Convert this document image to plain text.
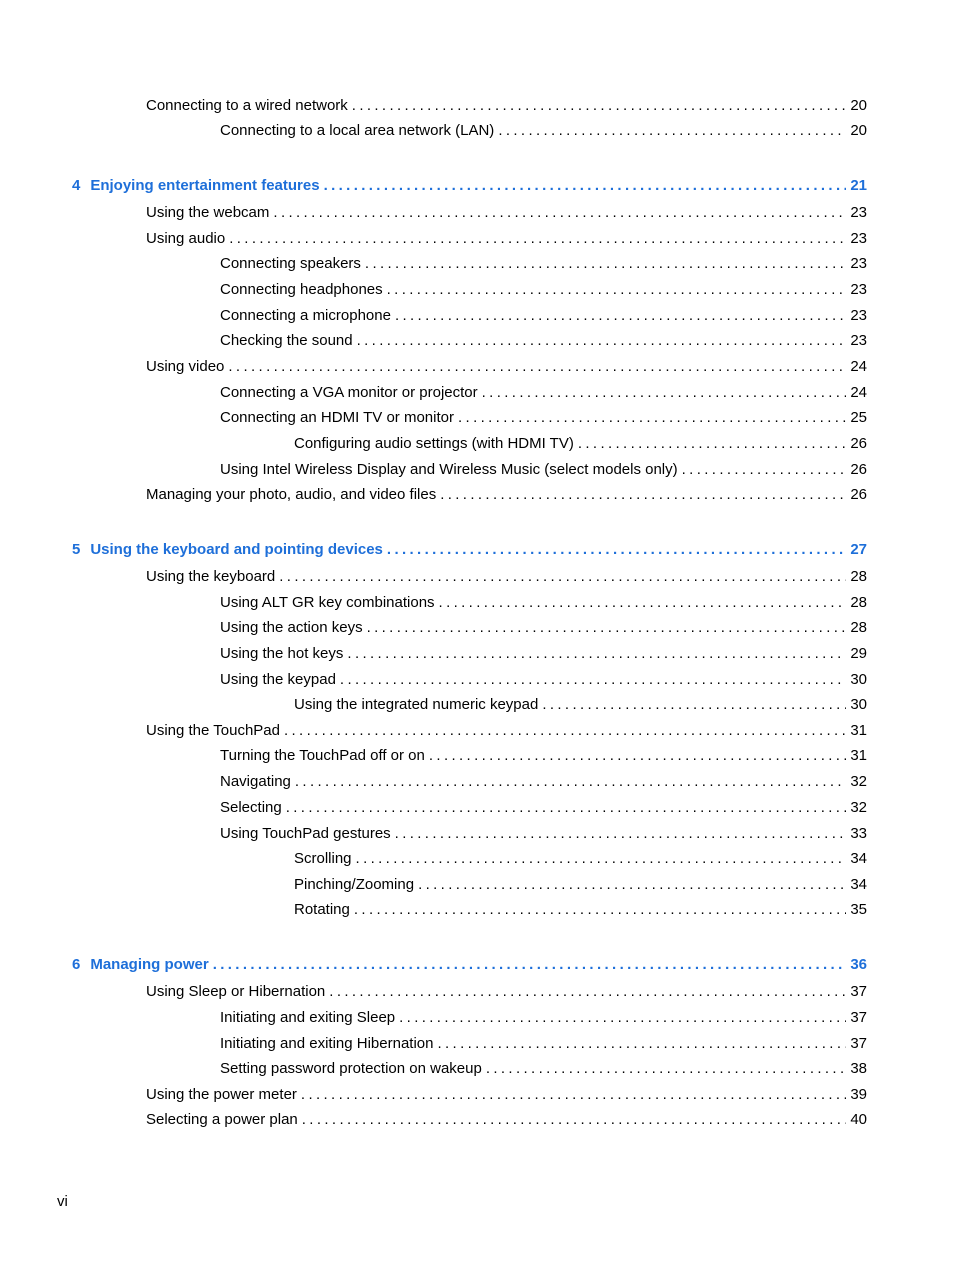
Connecting to a wired network . . .	20
Connecting to a local area network (LAN) . . .	20
4 Enjoying entertainment features . . .	21
Using the webcam . . .	23
Using audio . . .	23
Connecting speakers . . .	23
Connecting headphones . . .	23
Connecting a microphone . . .	23
Checking the sound . . .	23
Using video . . .	24
Connecting a VGA monitor or projector . . .	24
Connecting an HDMI TV or monitor . . .	25
Configuring audio settings (with HDMI TV) . . .	26
Using Intel Wireless Display and Wireless Music (select models only) . . .	26
Managing your photo, audio, and video files . . .	26
5 Using the keyboard and pointing devices . . .	27
Using the keyboard . . .	28
Using ALT GR key combinations . . .	28
Using the action keys . . .	28
Using the hot keys . . .	29
Using the keypad . . .	30
Using the integrated numeric keypad . . .	30
Using the TouchPad . . .	31
Turning the TouchPad off or on . . .	31
Navigating . . .	32
Selecting . . .	32
Using TouchPad gestures . . .	33
Scrolling . . .	34
Pinching/Zooming . . .	34
Rotating . . .	35
6 Managing power . . .	36
Using Sleep or Hibernation . . .	37
Initiating and exiting Sleep . . .	37
Initiating and exiting Hibernation . . .	37
Setting password protection on wakeup . . .	38
Using the power meter . . .	39
Selecting a power plan . . .	40
vi
